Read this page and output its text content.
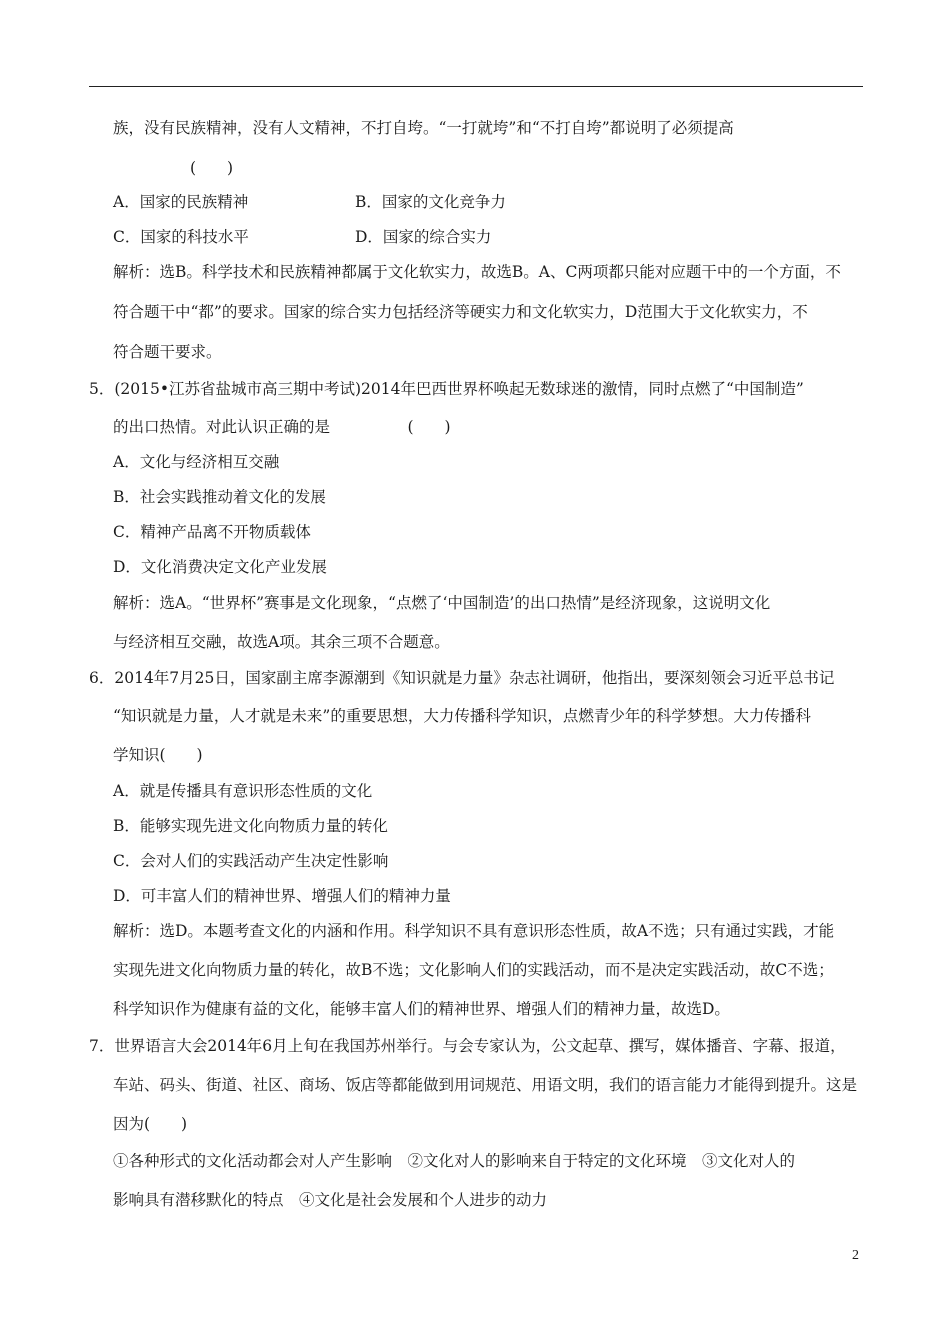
族，没有民族精神，没有人文精神，不打自垮。“一打就垮”和“不打自垮”都说明了必须提高
(　　)
A．国家的民族精神	B．国家的文化竞争力
C．国家的科技水平	D．国家的综合实力
解析：选B。科学技术和民族精神都属于文化软实力，故选B。A、C两项都只能对应题干中的一个方面，不
符合题干中“都”的要求。国家的综合实力包括经济等硬实力和文化软实力，D范围大于文化软实力，不
符合题干要求。
5．(2015•江苏省盐城市高三期中考试)2014年巴西世界杯唤起无数球迷的激情，同时点燃了“中国制造”
的出口热情。对此认识正确的是　　　　　(　　)
A．文化与经济相互交融
B．社会实践推动着文化的发展
C．精神产品离不开物质载体
D．文化消费决定文化产业发展
解析：选A。“世界杯”赛事是文化现象，“点燃了‘中国制造’的出口热情”是经济现象，这说明文化
与经济相互交融，故选A项。其余三项不合题意。
6．2014年7月25日，国家副主席李源潮到《知识就是力量》杂志社调研，他指出，要深刻领会习近平总书记
“知识就是力量，人才就是未来”的重要思想，大力传播科学知识，点燃青少年的科学梦想。大力传播科
学知识(　　)
A．就是传播具有意识形态性质的文化
B．能够实现先进文化向物质力量的转化
C．会对人们的实践活动产生决定性影响
D．可丰富人们的精神世界、增强人们的精神力量
解析：选D。本题考查文化的内涵和作用。科学知识不具有意识形态性质，故A不选；只有通过实践，才能
实现先进文化向物质力量的转化，故B不选；文化影响人们的实践活动，而不是决定实践活动，故C不选；
科学知识作为健康有益的文化，能够丰富人们的精神世界、增强人们的精神力量，故选D。
7．世界语言大会2014年6月上旬在我国苏州举行。与会专家认为，公文起草、撰写，媒体播音、字幕、报道，
车站、码头、街道、社区、商场、饭店等都能做到用词规范、用语文明，我们的语言能力才能得到提升。这是
因为(　　)
①各种形式的文化活动都会对人产生影响　②文化对人的影响来自于特定的文化环境　③文化对人的
影响具有潜移默化的特点　④文化是社会发展和个人进步的动力
2
